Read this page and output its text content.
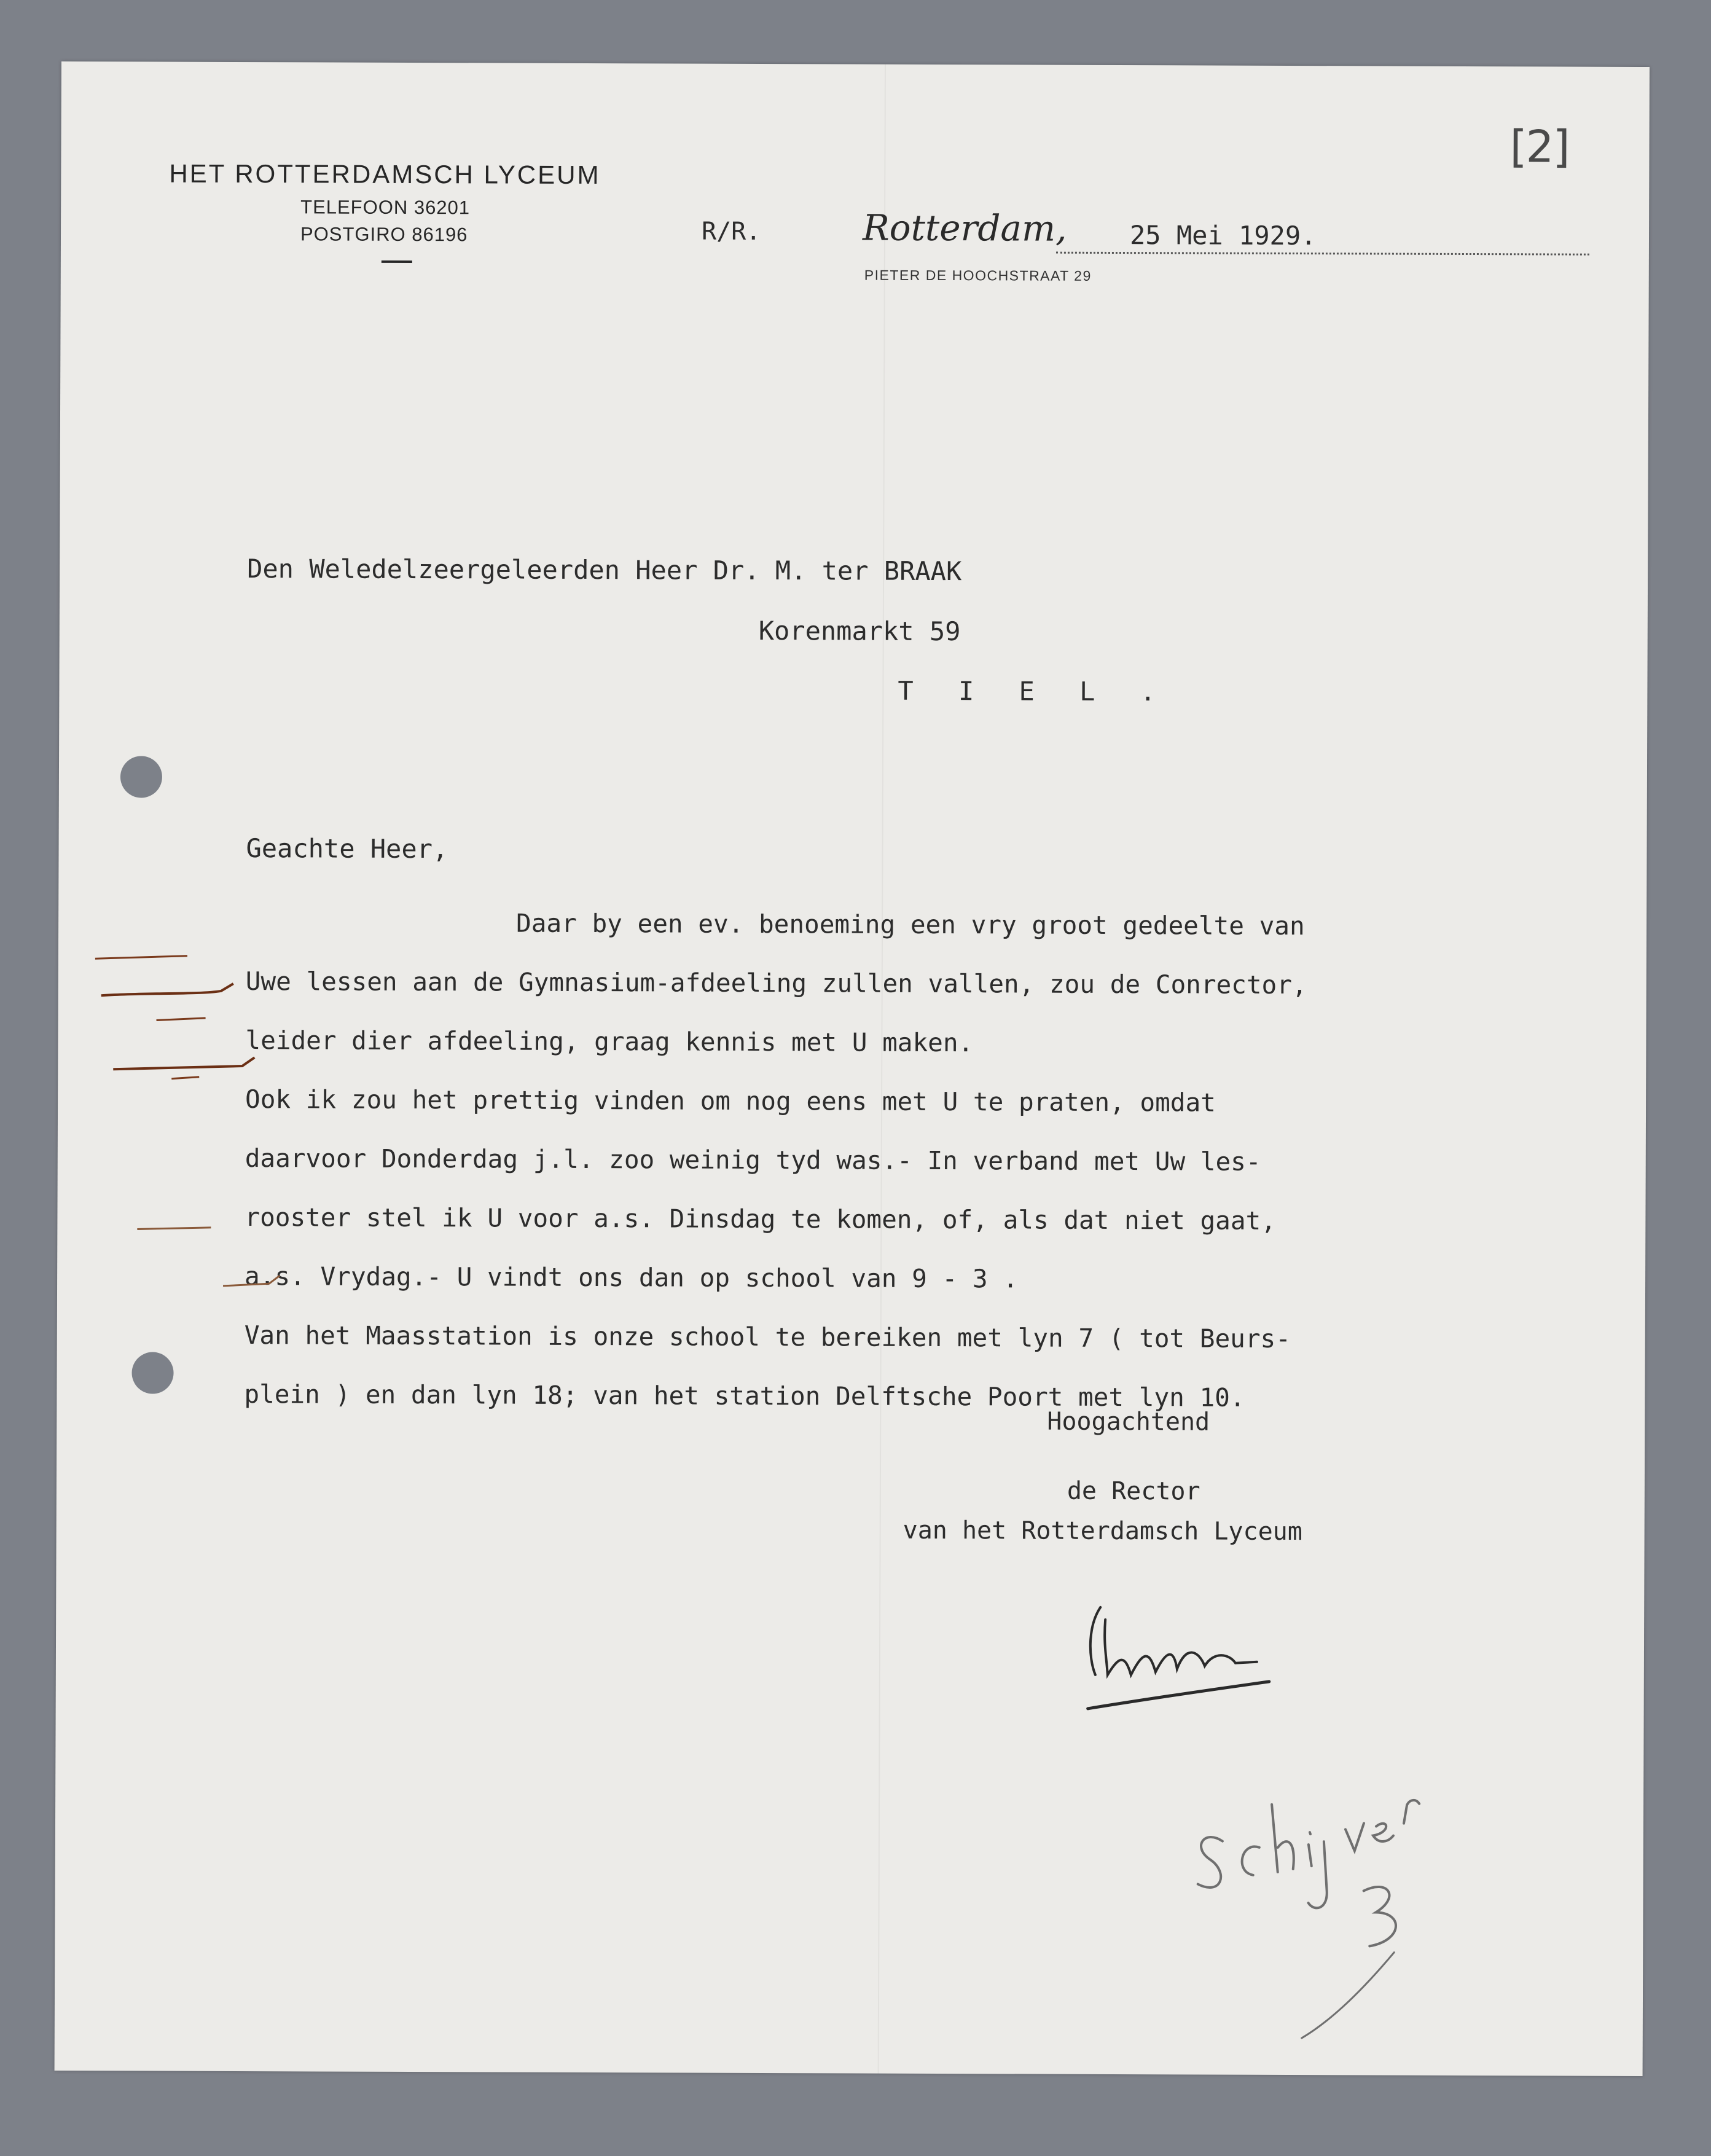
HET ROTTERDAMSCH LYCEUM
TELEFOON 36201
POSTGIRO 86196
[2]
R/R.	Rotterdam, 25 Mei 1929.
PIETER DE HOOCHSTRAAT 29
Den Weledelzeergeleerden Heer Dr. M. ter BRAAK
Korenmarkt 59
T I E L .
Geachte Heer,
Daar by een ev. benoeming een vry groot gedeelte van
Uwe lessen aan de Gymnasium-afdeeling zullen vallen, zou de Conrector,
leider dier afdeeling, graag kennis met U maken.
Ook ik zou het prettig vinden om nog eens met U te praten, omdat
daarvoor Donderdag j.l. zoo weinig tyd was.- In verband met Uw les-
rooster stel ik U voor a.s. Dinsdag te komen, of, als dat niet gaat,
a.s. Vrydag.- U vindt ons dan op school van 9 - 3 .
Van het Maasstation is onze school te bereiken met lyn 7 ( tot Beurs-
plein ) en dan lyn 18; van het station Delftsche Poort met lyn 10.
Hoogachtend
de Rector
van het Rotterdamsch Lyceum
